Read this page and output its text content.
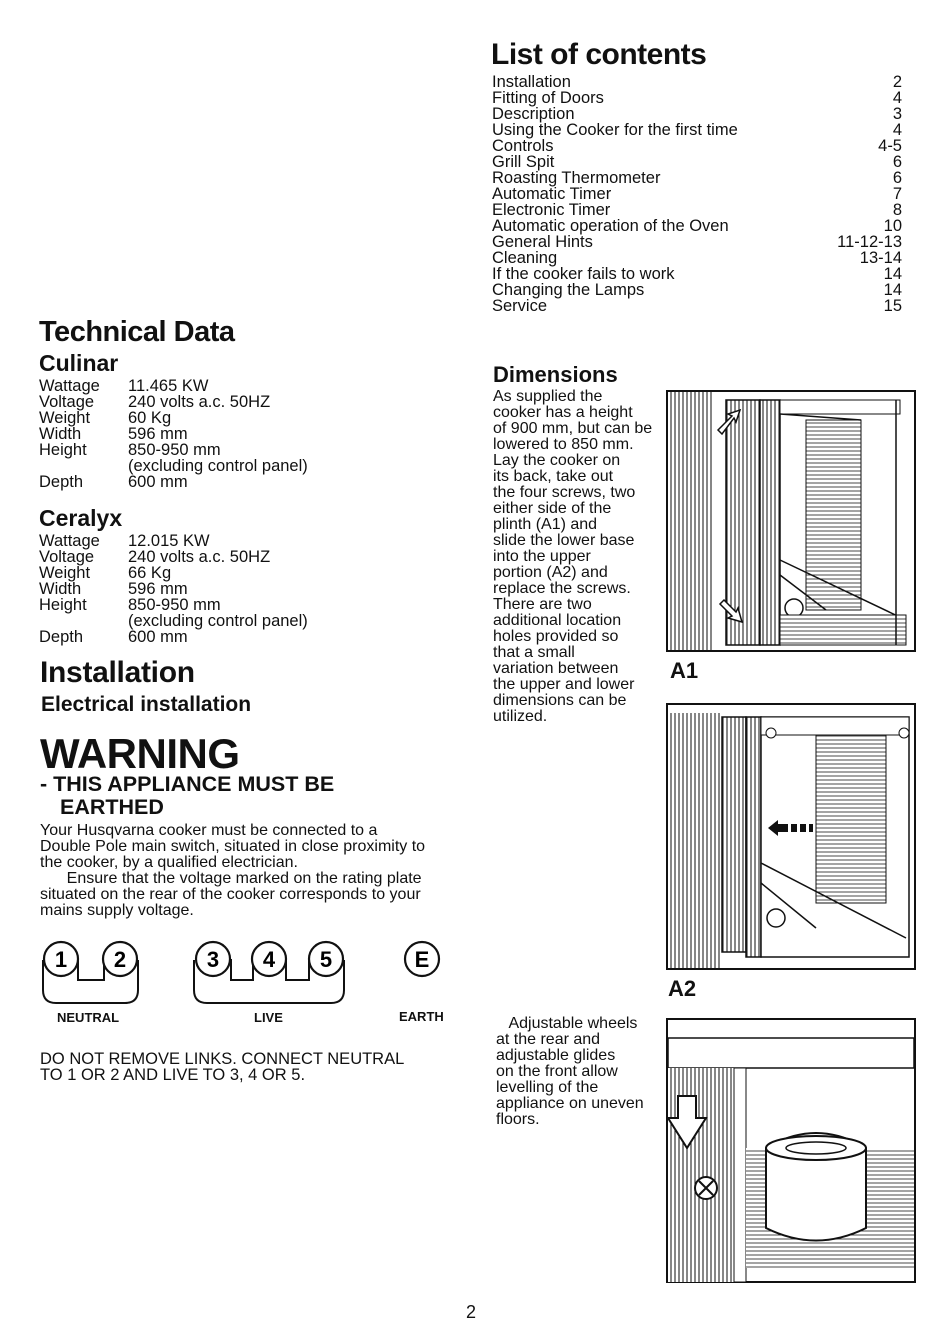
List of contents
Installation	2
Fitting of Doors	4
Description	3
Using the Cooker for the first time	4
Controls	4-5
Grill Spit	6
Roasting Thermometer	6
Automatic Timer	7
Electronic Timer	8
Automatic operation of the Oven	10
General Hints	11-12-13
Cleaning	13-14
If the cooker fails to work	14
Changing the Lamps	14
Service	15
Technical Data
Culinar
Wattage	11.465 KW
Voltage	240 volts a.c. 50HZ
Weight	60 Kg
Width	596 mm
Height	850-950 mm
(excluding control panel)
Depth	600 mm
Ceralyx
Wattage	12.015 KW
Voltage	240 volts a.c. 50HZ
Weight	66 Kg
Width	596 mm
Height	850-950 mm
(excluding control panel)
Depth	600 mm
Installation
Electrical installation
WARNING
- THIS APPLIANCE MUST BE
EARTHED
Your Husqvarna cooker must be connected to a
Double Pole main switch, situated in close proximity to
the cooker, by a qualified electrician.
Ensure that the voltage marked on the rating plate
situated on the rear of the cooker corresponds to your
mains supply voltage.
1 2	3 4 5	E
NEUTRAL	LIVE	EARTH
DO NOT REMOVE LINKS. CONNECT NEUTRAL
TO 1 OR 2 AND LIVE TO 3, 4 OR 5.
Dimensions
As supplied the
cooker has a height
of 900 mm, but can be
lowered to 850 mm.
Lay the cooker on
its back, take out
the four screws, two
either side of the
plinth (A1) and
slide the lower base
into the upper
portion (A2) and
replace the screws.
There are two
additional location
holes provided so
that a small
variation between
the upper and lower
dimensions can be
utilized.
A1
A2
Adjustable wheels
at the rear and
adjustable glides
on the front allow
levelling of the
appliance on uneven
floors.
2
